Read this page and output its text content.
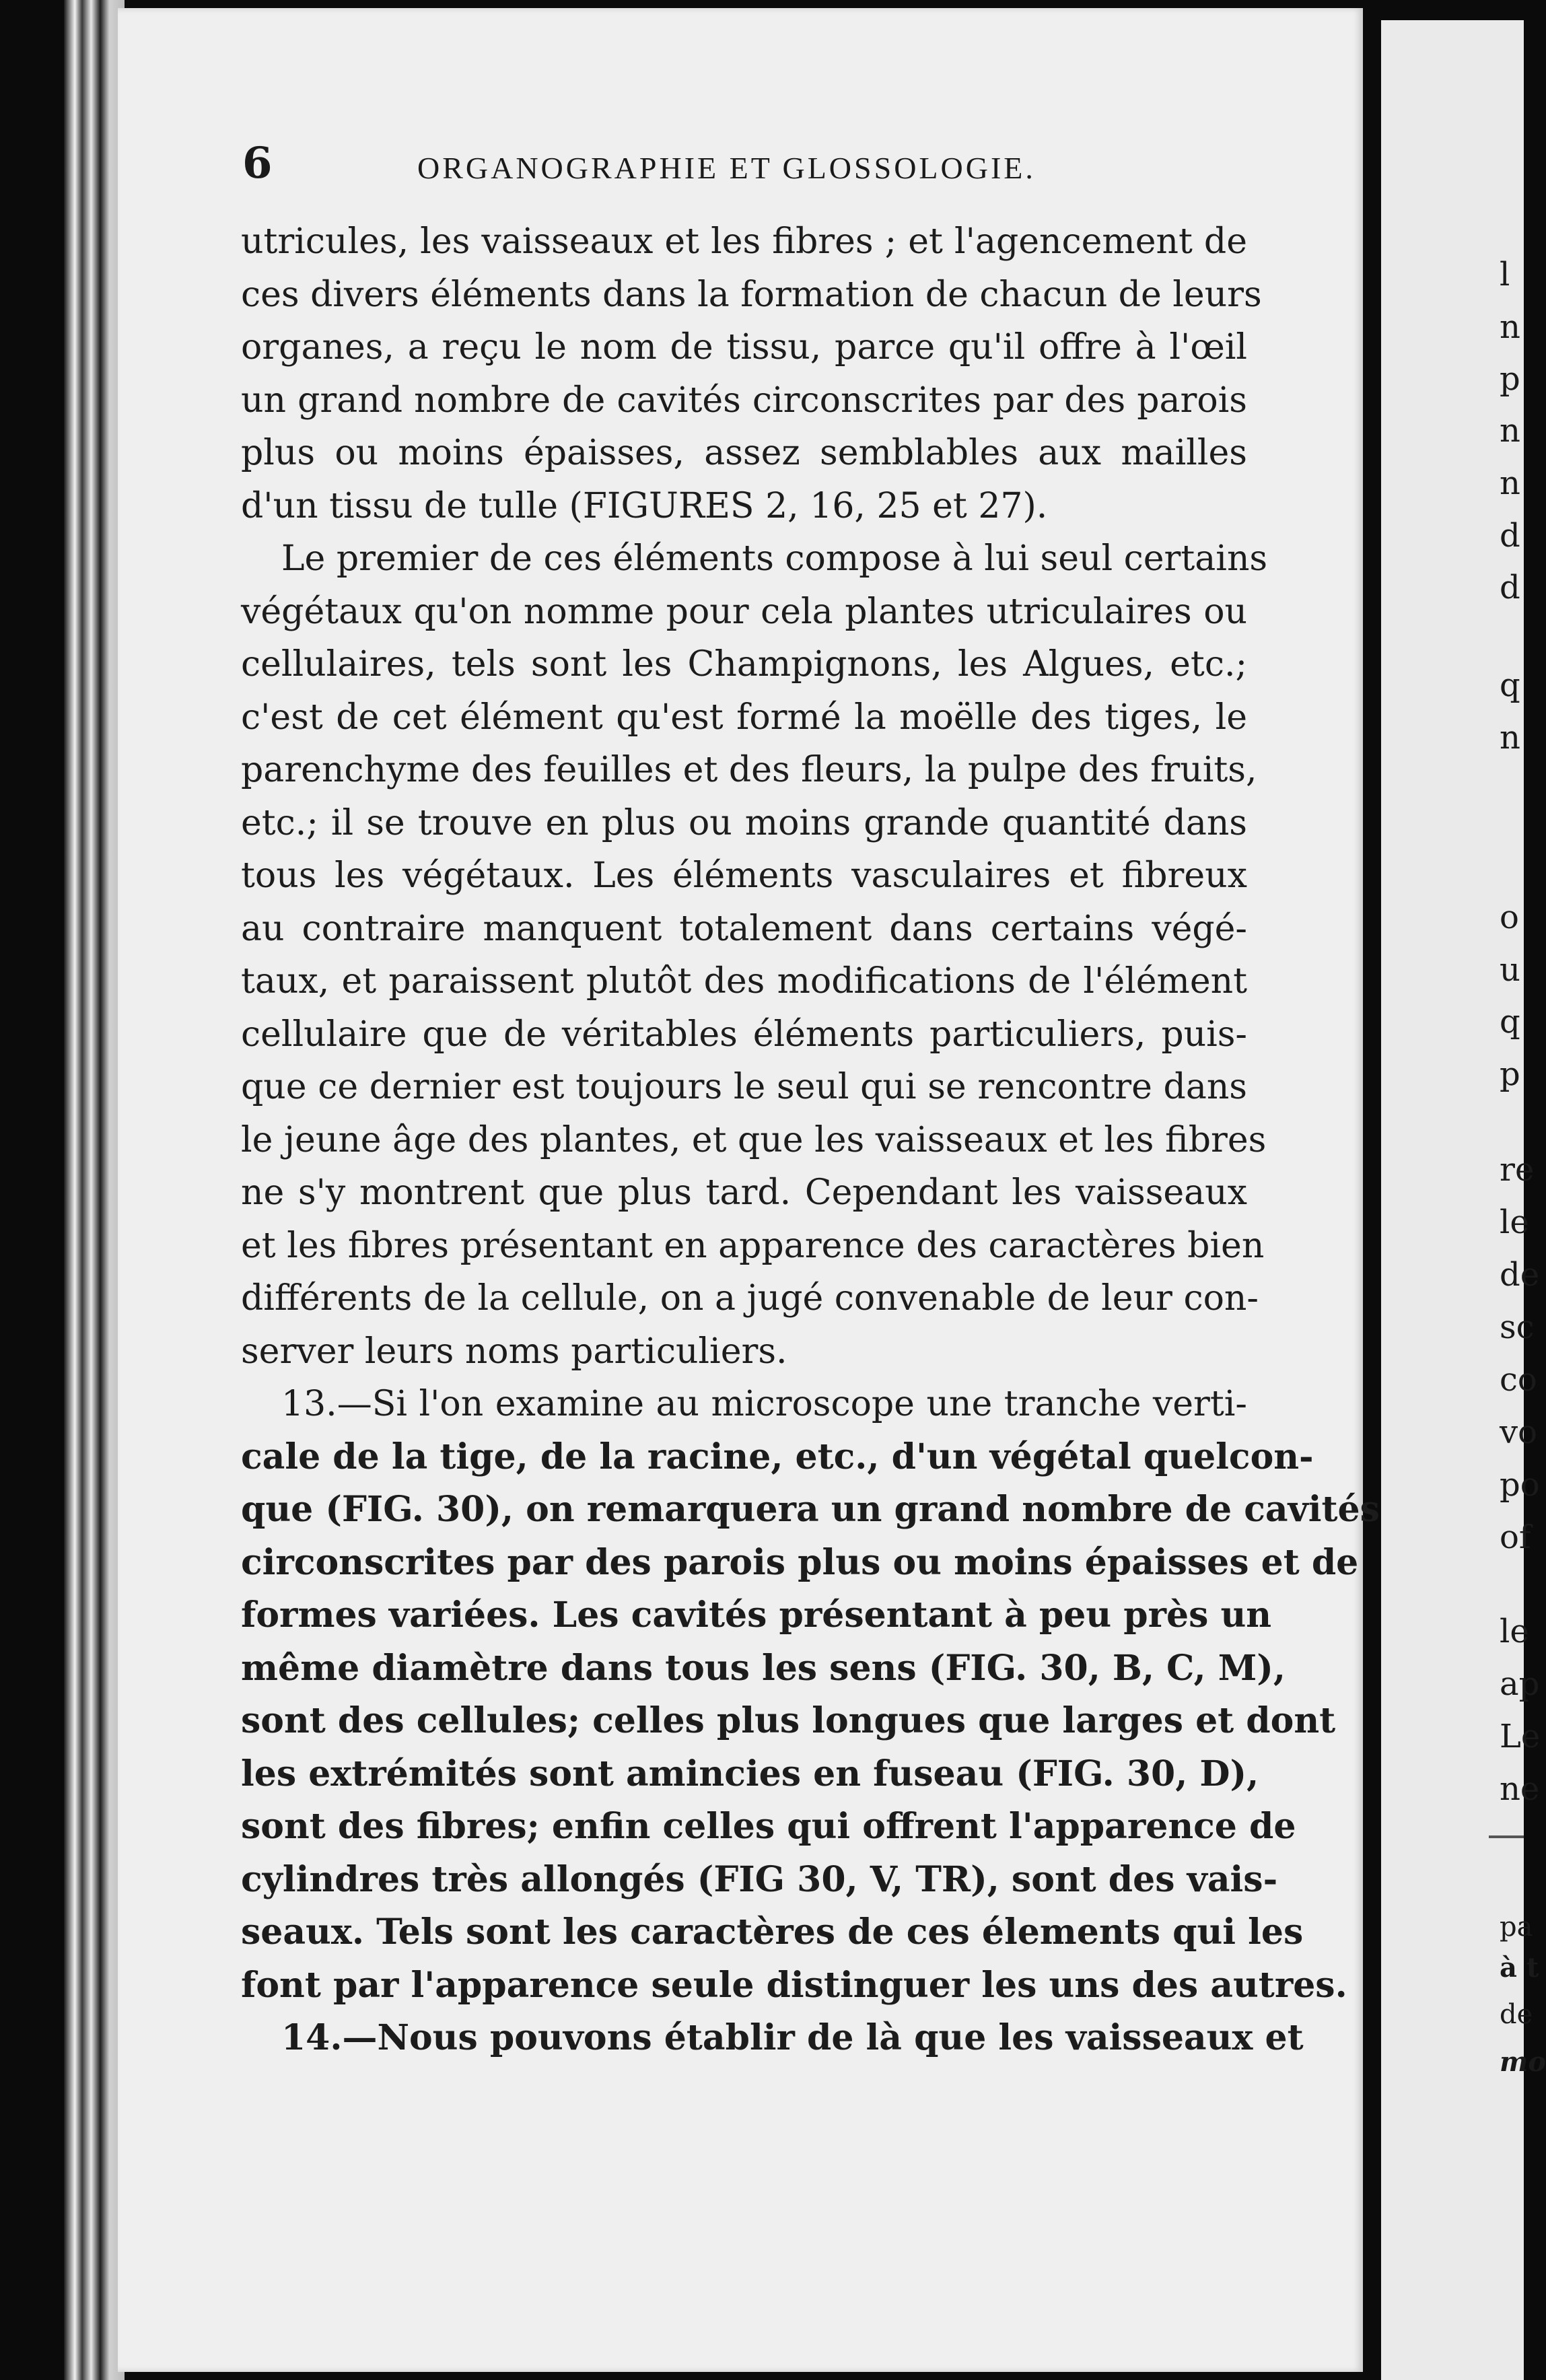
6	ORGANOGRAPHIE ET GLOSSOLOGIE.
utricules, les vaisseaux et les fibres ; et l'agencement de
ces divers éléments dans la formation de chacun de leurs
organes, a reçu le nom de tissu, parce qu'il offre à l'œil
un grand nombre de cavités circonscrites par des parois
plus ou moins épaisses, assez semblables aux mailles
d'un tissu de tulle (FIGURES 2, 16, 25 et 27).
Le premier de ces éléments compose à lui seul certains
végétaux qu'on nomme pour cela plantes utriculaires ou
cellulaires, tels sont les Champignons, les Algues, etc.;
c'est de cet élément qu'est formé la moëlle des tiges, le
parenchyme des feuilles et des fleurs, la pulpe des fruits,
etc.; il se trouve en plus ou moins grande quantité dans
tous les végétaux. Les éléments vasculaires et fibreux
au contraire manquent totalement dans certains végé-
taux, et paraissent plutôt des modifications de l'élément
cellulaire que de véritables éléments particuliers, puis-
que ce dernier est toujours le seul qui se rencontre dans
le jeune âge des plantes, et que les vaisseaux et les fibres
ne s'y montrent que plus tard. Cependant les vaisseaux
et les fibres présentant en apparence des caractères bien
différents de la cellule, on a jugé convenable de leur con-
server leurs noms particuliers.
13.—Si l'on examine au microscope une tranche verti-
cale de la tige, de la racine, etc., d'un végétal quelcon-
que (FIG. 30), on remarquera un grand nombre de cavités
circonscrites par des parois plus ou moins épaisses et de
formes variées. Les cavités présentant à peu près un
même diamètre dans tous les sens (FIG. 30, B, C, M),
sont des cellules; celles plus longues que larges et dont
les extrémités sont amincies en fuseau (FIG. 30, D),
sont des fibres; enfin celles qui offrent l'apparence de
cylindres très allongés (FIG 30, V, TR), sont des vais-
seaux. Tels sont les caractères de ces élements qui les
font par l'apparence seule distinguer les uns des autres.
14.—Nous pouvons établir de là que les vaisseaux et
l
n
p
n
n
d
d
q
n
o
u
q
p
re
le
de
sc
co
vo
po
of
le
ap
Le
ne
pa
à t
de
mo
